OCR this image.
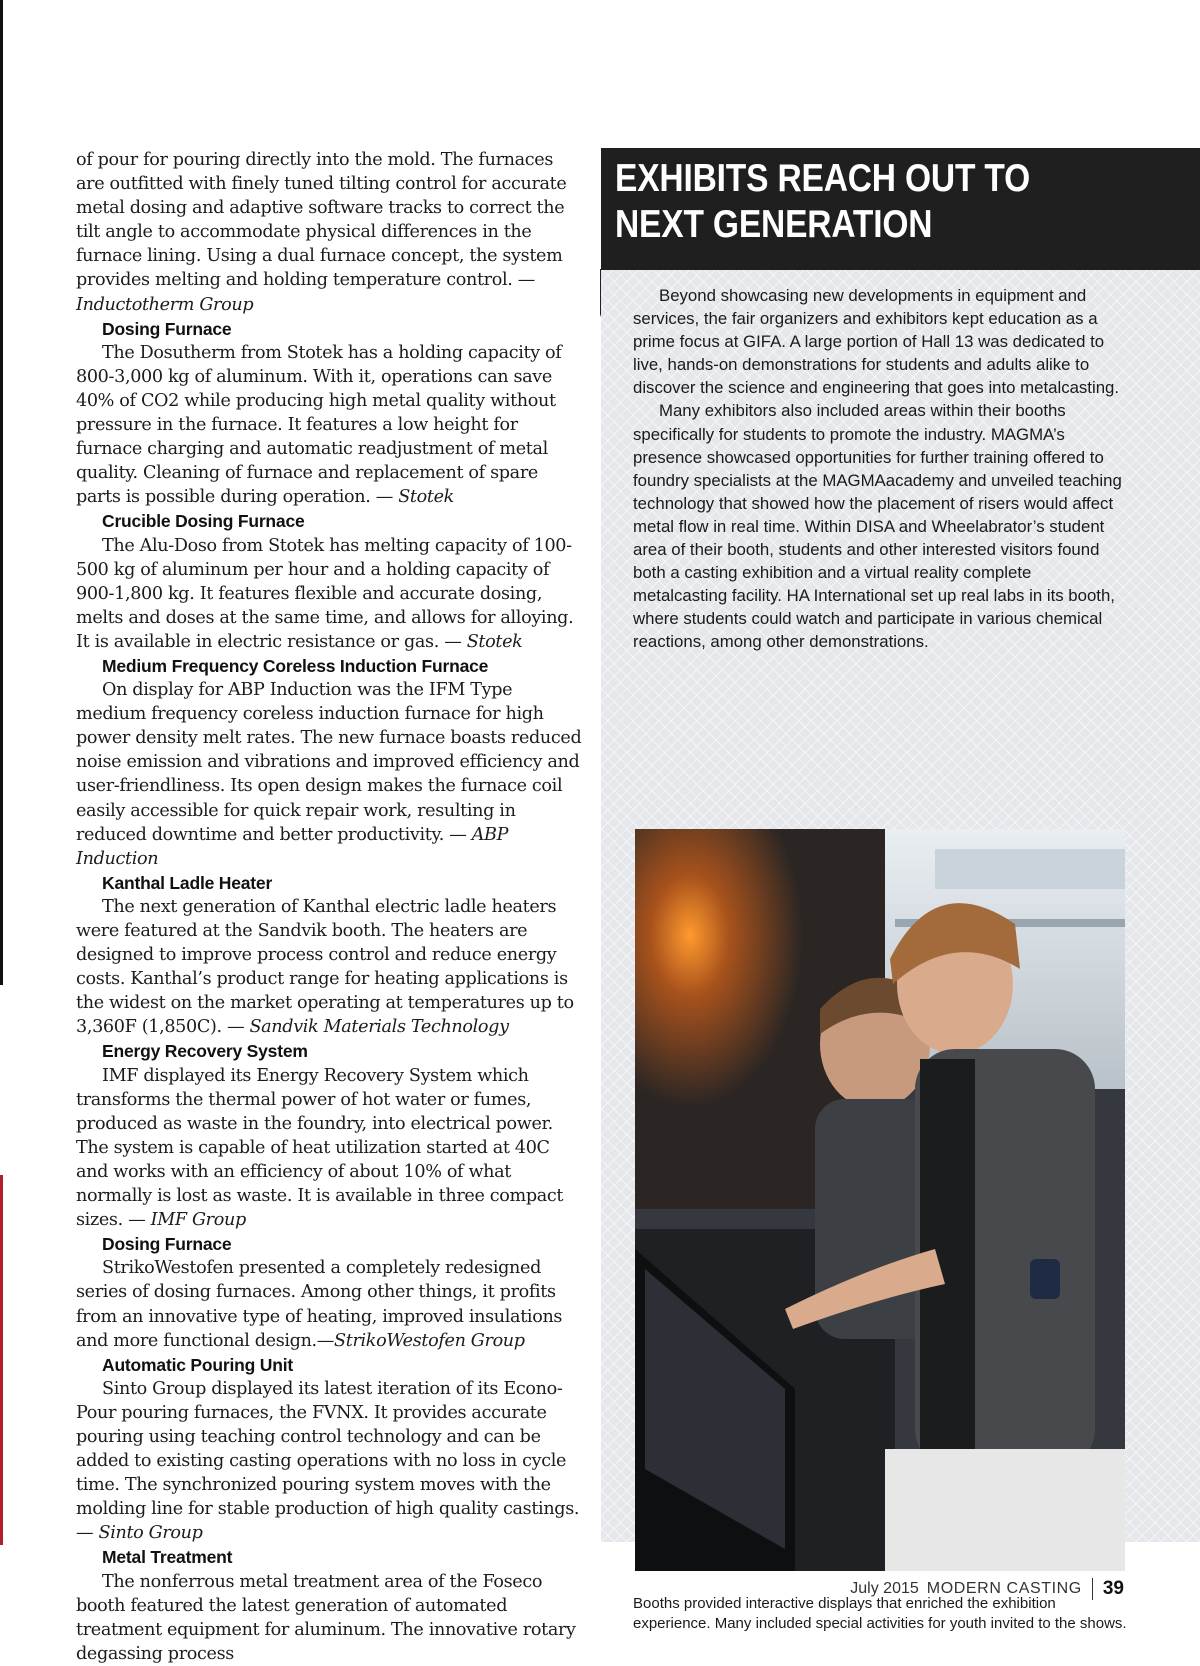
of pour for pouring directly into the mold. The furnaces are outfitted with finely tuned tilting control for accurate metal dosing and adaptive software tracks to correct the tilt angle to accommodate physical differences in the furnace lining. Using a dual furnace concept, the system provides melting and holding temperature control. — Inductotherm Group

Dosing Furnace

The Dosutherm from Stotek has a holding capacity of 800-3,000 kg of aluminum. With it, operations can save 40% of CO2 while producing high metal quality without pressure in the furnace. It features a low height for furnace charging and automatic readjustment of metal quality. Cleaning of furnace and replacement of spare parts is possible during operation. — Stotek

Crucible Dosing Furnace

The Alu-Doso from Stotek has melting capacity of 100-500 kg of aluminum per hour and a holding capacity of 900-1,800 kg. It features flexible and accurate dosing, melts and doses at the same time, and allows for alloying. It is available in electric resistance or gas. — Stotek

Medium Frequency Coreless Induction Furnace

On display for ABP Induction was the IFM Type medium frequency coreless induction furnace for high power density melt rates. The new furnace boasts reduced noise emission and vibrations and improved efficiency and user-friendliness. Its open design makes the furnace coil easily accessible for quick repair work, resulting in reduced downtime and better productivity. — ABP Induction

Kanthal Ladle Heater

The next generation of Kanthal electric ladle heaters were featured at the Sandvik booth. The heaters are designed to improve process control and reduce energy costs. Kanthal’s product range for heating applications is the widest on the market operating at temperatures up to 3,360F (1,850C). — Sandvik Materials Technology

Energy Recovery System

IMF displayed its Energy Recovery System which transforms the thermal power of hot water or fumes, produced as waste in the foundry, into electrical power. The system is capable of heat utilization started at 40C and works with an efficiency of about 10% of what normally is lost as waste. It is available in three compact sizes. — IMF Group

Dosing Furnace

StrikoWestofen presented a completely redesigned series of dosing furnaces. Among other things, it profits from an innovative type of heating, improved insulations and more functional design.—StrikoWestofen Group

Automatic Pouring Unit

Sinto Group displayed its latest iteration of its Econo-Pour pouring furnaces, the FVNX. It provides accurate pouring using teaching control technology and can be added to existing casting operations with no loss in cycle time. The synchronized pouring system moves with the molding line for stable production of high quality castings. — Sinto Group

Metal Treatment

The nonferrous metal treatment area of the Foseco booth featured the latest generation of automated treatment equipment for aluminum. The innovative rotary degassing process

EXHIBITS REACH OUT TO
NEXT GENERATION

Beyond showcasing new developments in equipment and services, the fair organizers and exhibitors kept education as a prime focus at GIFA. A large portion of Hall 13 was dedicated to live, hands-on demonstrations for students and adults alike to discover the science and engineering that goes into metalcasting.

Many exhibitors also included areas within their booths specifically for students to promote the industry. MAGMA’s presence showcased opportunities for further training offered to foundry specialists at the MAGMAacademy and unveiled teaching technology that showed how the placement of risers would affect metal flow in real time. Within DISA and Wheelabrator’s student area of their booth, students and other interested visitors found both a casting exhibition and a virtual reality complete metalcasting facility. HA International set up real labs in its booth, where students could watch and participate in various chemical reactions, among other demonstrations.

Booths provided interactive displays that enriched the exhibition experience. Many included special activities for youth invited to the shows.

July 2015 MODERN CASTING 39
